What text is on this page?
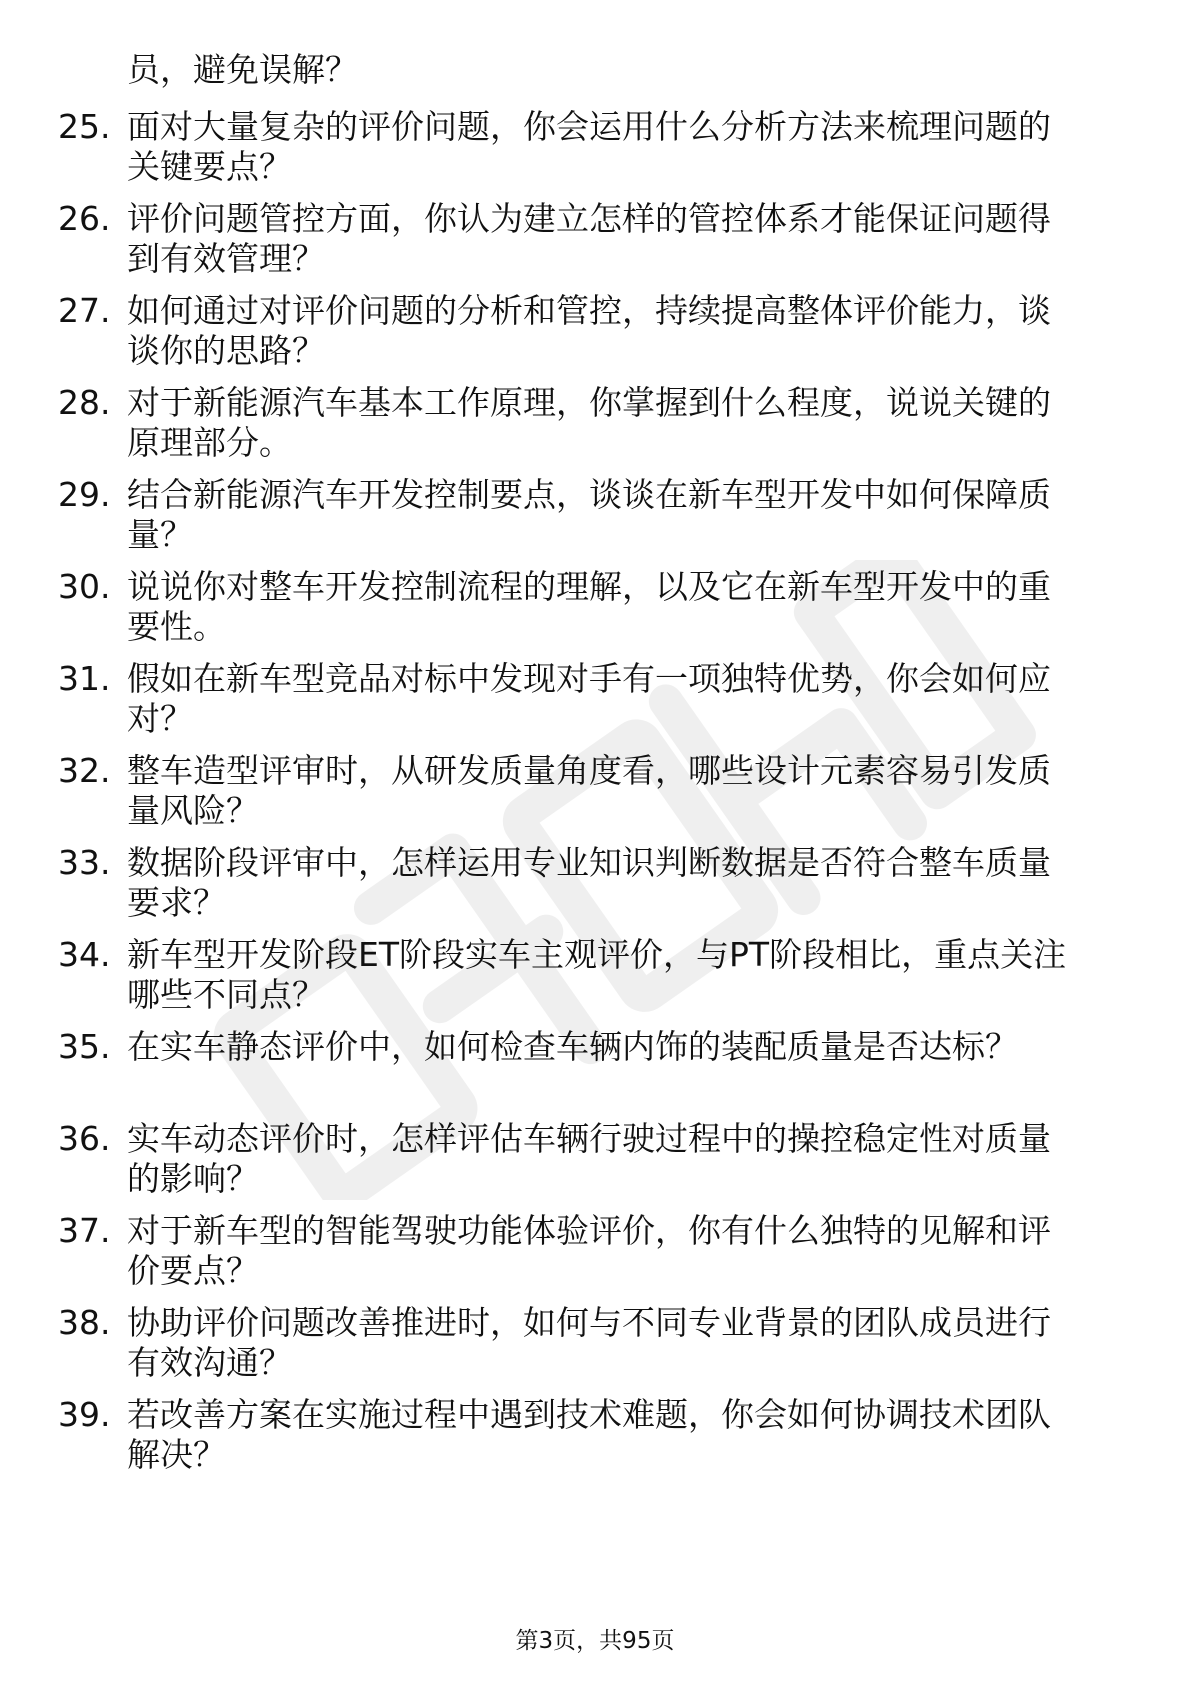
员，避免误解？
25. 面对大量复杂的评价问题，你会运用什么分析方法来梳理问题的
关键要点？
26. 评价问题管控方面，你认为建立怎样的管控体系才能保证问题得
到有效管理？
27. 如何通过对评价问题的分析和管控，持续提高整体评价能力，谈
谈你的思路？
28. 对于新能源汽车基本工作原理，你掌握到什么程度，说说关键的
原理部分。
29. 结合新能源汽车开发控制要点，谈谈在新车型开发中如何保障质
量？
30. 说说你对整车开发控制流程的理解，以及它在新车型开发中的重
要性。
31. 假如在新车型竞品对标中发现对手有一项独特优势，你会如何应
对？
32. 整车造型评审时，从研发质量角度看，哪些设计元素容易引发质
量风险？
33. 数据阶段评审中，怎样运用专业知识判断数据是否符合整车质量
要求？
34. 新车型开发阶段ET阶段实车主观评价，与PT阶段相比，重点关注
哪些不同点？
35. 在实车静态评价中，如何检查车辆内饰的装配质量是否达标？
36. 实车动态评价时，怎样评估车辆行驶过程中的操控稳定性对质量
的影响？
37. 对于新车型的智能驾驶功能体验评价，你有什么独特的见解和评
价要点？
38. 协助评价问题改善推进时，如何与不同专业背景的团队成员进行
有效沟通？
39. 若改善方案在实施过程中遇到技术难题，你会如何协调技术团队
解决？
第3页，共95页
